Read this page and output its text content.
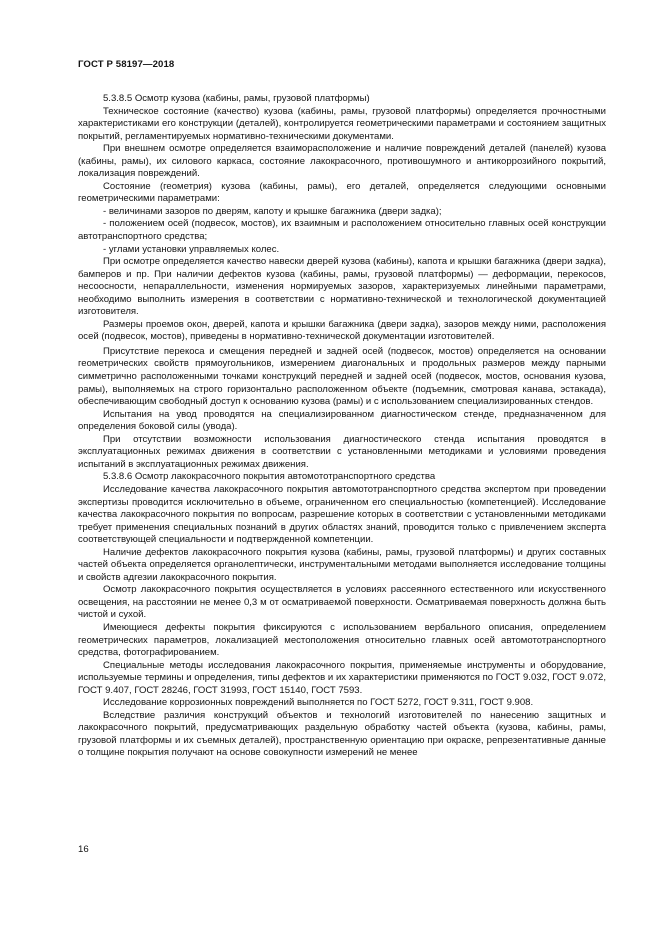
ГОСТ Р 58197—2018

5.3.8.5 Осмотр кузова (кабины, рамы, грузовой платформы)

Техническое состояние (качество) кузова (кабины, рамы, грузовой платформы) определяется прочностными характеристиками его конструкции (деталей), контролируется геометрическими параметрами и состоянием защитных покрытий, регламентируемых нормативно-техническими документами.

При внешнем осмотре определяется взаиморасположение и наличие повреждений деталей (панелей) кузова (кабины, рамы), их силового каркаса, состояние лакокрасочного, противошумного и антикоррозийного покрытий, локализация повреждений.

Состояние (геометрия) кузова (кабины, рамы), его деталей, определяется следующими основными геометрическими параметрами:

- величинами зазоров по дверям, капоту и крышке багажника (двери задка);

- положением осей (подвесок, мостов), их взаимным и расположением относительно главных осей конструкции автотранспортного средства;

- углами установки управляемых колес.

При осмотре определяется качество навески дверей кузова (кабины), капота и крышки багажника (двери задка), бамперов и пр. При наличии дефектов кузова (кабины, рамы, грузовой платформы) — деформации, перекосов, несоосности, непараллельности, изменения нормируемых зазоров, характеризуемых линейными параметрами, необходимо выполнить измерения в соответствии с нормативно-технической и технологической документацией изготовителя.

Размеры проемов окон, дверей, капота и крышки багажника (двери задка), зазоров между ними, расположения осей (подвесок, мостов), приведены в нормативно-технической документации изготовителей.

Присутствие перекоса и смещения передней и задней осей (подвесок, мостов) определяется на основании геометрических свойств прямоугольников, измерением диагональных и продольных размеров между парными симметрично расположенными точками конструкций передней и задней осей (подвесок, мостов, основания кузова, рамы), выполняемых на строго горизонтально расположенном объекте (подъемник, смотровая канава, эстакада), обеспечивающим свободный доступ к основанию кузова (рамы) и с использованием специализированных стендов.

Испытания на увод проводятся на специализированном диагностическом стенде, предназначенном для определения боковой силы (увода).

При отсутствии возможности использования диагностического стенда испытания проводятся в эксплуатационных режимах движения в соответствии с установленными методиками и условиями проведения испытаний в эксплуатационных режимах движения.

5.3.8.6 Осмотр лакокрасочного покрытия автомототранспортного средства

Исследование качества лакокрасочного покрытия автомототранспортного средства экспертом при проведении экспертизы проводится исключительно в объеме, ограниченном его специальностью (компетенцией). Исследование качества лакокрасочного покрытия по вопросам, разрешение которых в соответствии с установленными методиками требует применения специальных познаний в других областях знаний, проводится только с привлечением эксперта соответствующей специальности и подтвержденной компетенции.

Наличие дефектов лакокрасочного покрытия кузова (кабины, рамы, грузовой платформы) и других составных частей объекта определяется органолептически, инструментальными методами выполняется исследование толщины и свойств адгезии лакокрасочного покрытия.

Осмотр лакокрасочного покрытия осуществляется в условиях рассеянного естественного или искусственного освещения, на расстоянии не менее 0,3 м от осматриваемой поверхности. Осматриваемая поверхность должна быть чистой и сухой.

Имеющиеся дефекты покрытия фиксируются с использованием вербального описания, определением геометрических параметров, локализацией местоположения относительно главных осей автомототранспортного средства, фотографированием.

Специальные методы исследования лакокрасочного покрытия, применяемые инструменты и оборудование, используемые термины и определения, типы дефектов и их характеристики применяются по ГОСТ 9.032, ГОСТ 9.072, ГОСТ 9.407, ГОСТ 28246, ГОСТ 31993, ГОСТ 15140, ГОСТ 7593.

Исследование коррозионных повреждений выполняется по ГОСТ 5272, ГОСТ 9.311, ГОСТ 9.908.

Вследствие различия конструкций объектов и технологий изготовителей по нанесению защитных и лакокрасочного покрытий, предусматривающих раздельную обработку частей объекта (кузова, кабины, рамы, грузовой платформы и их съемных деталей), пространственную ориентацию при окраске, репрезентативные данные о толщине покрытия получают на основе совокупности измерений не менее

16
